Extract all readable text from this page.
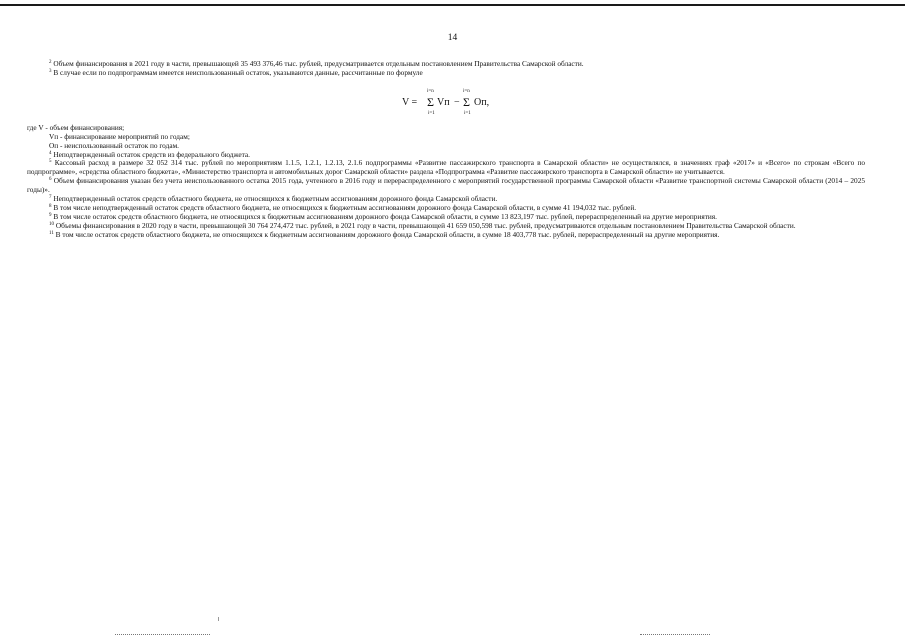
14

$^2$ Объем финансирования в 2021 году в части, превышающей 35 493 376,46 тыс. рублей, предусматривается отдельным постановлением Правительства Самарской области.

$^3$ В случае если по подпрограммам имеется неиспользованный остаток, указываются данные, рассчитанные по формуле

где V - объем финансирования;

Vп - финансирование мероприятий по годам;

Оп - неиспользованный остаток по годам.

$^4$ Неподтвержденный остаток средств из федерального бюджета.

$^5$ Кассовый расход в размере 32 052 314 тыс. рублей по мероприятиям 1.1.5, 1.2.1, 1.2.13, 2.1.6 подпрограммы «Развитие пассажирского транспорта в Самарской области» не осуществлялся, в значениях граф «2017» и «Всего» по строкам «Всего по подпрограмме», «средства областного бюджета», «Министерство транспорта и автомобильных дорог Самарской области» раздела «Подпрограмма «Развитие пассажирского транспорта в Самарской области» не учитывается.

$^6$ Объем финансирования указан без учета неиспользованного остатка 2015 года, учтенного в 2016 году и перераспределенного с мероприятий государственной программы Самарской области «Развитие транспортной системы Самарской области (2014 – 2025 годы)».

$^7$ Неподтвержденный остаток средств областного бюджета, не относящихся к бюджетным ассигнованиям дорожного фонда Самарской области.

$^8$ В том числе неподтвержденный остаток средств областного бюджета, не относящихся к бюджетным ассигнованиям дорожного фонда Самарской области, в сумме 41 194,032 тыс. рублей.

$^9$ В том числе остаток средств областного бюджета, не относящихся к бюджетным ассигнованиям дорожного фонда Самарской области, в сумме 13 823,197 тыс. рублей, перераспределенный на другие мероприятия.

$^{10}$ Объемы финансирования в 2020 году в части, превышающей 30 764 274,472 тыс. рублей, в 2021 году в части, превышающей 41 659 050,598 тыс. рублей, предусматриваются отдельным постановлением Правительства Самарской области.

$^{11}$ В том числе остаток средств областного бюджета, не относящихся к бюджетным ассигнованиям дорожного фонда Самарской области, в сумме 18 403,778 тыс. рублей, перераспределенный на другие мероприятия.

V =
i=n
Σ
i=1
Vп −
i=n
Σ
i=1
Оп,
